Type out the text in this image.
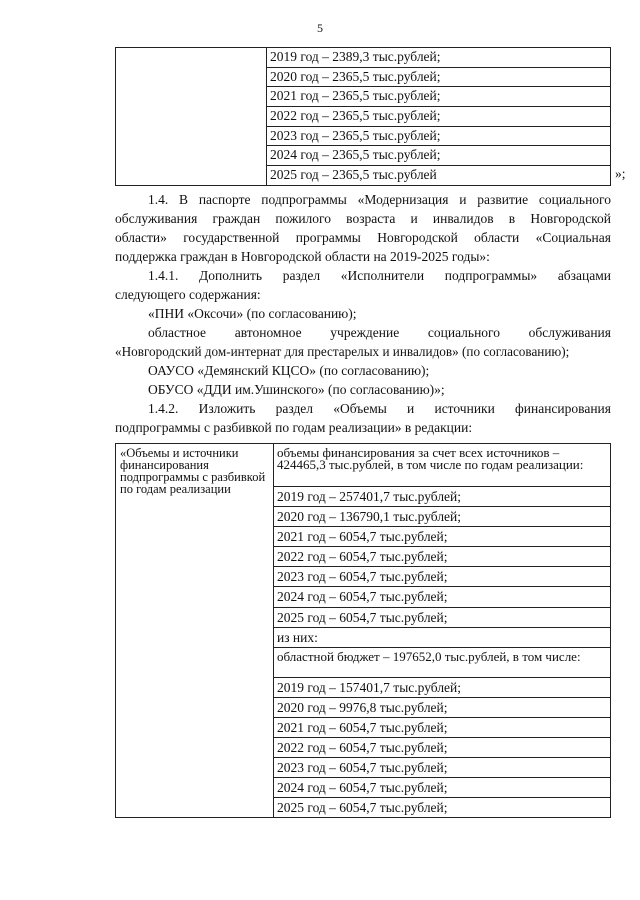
5

2019 год – 2389,3 тыс.рублей;
2020 год – 2365,5 тыс.рублей;
2021 год – 2365,5 тыс.рублей;
2022 год – 2365,5 тыс.рублей;
2023 год – 2365,5 тыс.рублей;
2024 год – 2365,5 тыс.рублей;
2025 год – 2365,5 тыс.рублей	»;
1.4. В паспорте подпрограммы «Модернизация и развитие социального
обслуживания граждан пожилого возраста и инвалидов в Новгородской
области» государственной программы Новгородской области «Социальная
поддержка граждан в Новгородской области на 2019-2025 годы»:
1.4.1. Дополнить раздел «Исполнители подпрограммы» абзацами
следующего содержания:
«ПНИ «Оксочи» (по согласованию);
областное автономное учреждение социального обслуживания
«Новгородский дом-интернат для престарелых и инвалидов» (по согласованию);
ОАУСО «Демянский КЦСО» (по согласованию);
ОБУСО «ДДИ им.Ушинского» (по согласованию)»;
1.4.2. Изложить раздел «Объемы и источники финансирования
подпрограммы с разбивкой по годам реализации» в редакции:
«Объемы и источники финансирования подпрограммы с разбивкой по годам реализации	
объемы финансирования за счет всех источников – 424465,3 тыс.рублей, в том числе по годам реализации:
2019 год – 257401,7 тыс.рублей;
2020 год – 136790,1 тыс.рублей;
2021 год – 6054,7 тыс.рублей;
2022 год – 6054,7 тыс.рублей;
2023 год – 6054,7 тыс.рублей;
2024 год – 6054,7 тыс.рублей;
2025 год – 6054,7 тыс.рублей;
из них:
областной бюджет – 197652,0 тыс.рублей, в том числе:
2019 год – 157401,7 тыс.рублей;
2020 год – 9976,8 тыс.рублей;
2021 год – 6054,7 тыс.рублей;
2022 год – 6054,7 тыс.рублей;
2023 год – 6054,7 тыс.рублей;
2024 год – 6054,7 тыс.рублей;
2025 год – 6054,7 тыс.рублей;
